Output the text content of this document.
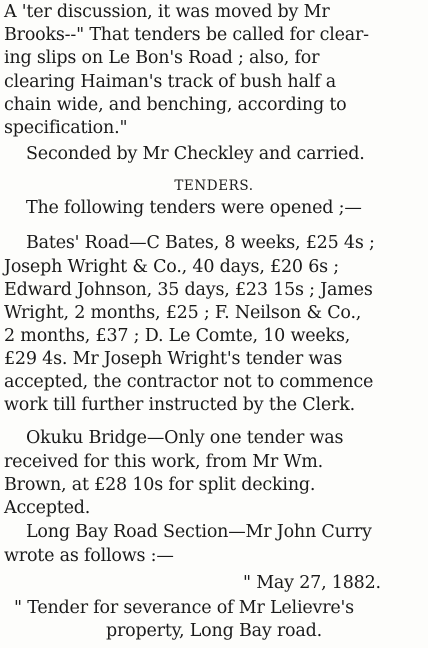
A 'ter discussion, it was moved by Mr
Brooks--" That tenders be called for clear-
ing slips on Le Bon's Road ; also, for
clearing Haiman's track of bush half a
chain wide, and benching, according to
specification."
Seconded by Mr Checkley and carried.
TENDERS.
The following tenders were opened ;—
Bates' Road—C Bates, 8 weeks, £25 4s ;
Joseph Wright & Co., 40 days, £20 6s ;
Edward Johnson, 35 days, £23 15s ; James
Wright, 2 months, £25 ; F. Neilson & Co.,
2 months, £37 ; D. Le Comte, 10 weeks,
£29 4s. Mr Joseph Wright's tender was
accepted, the contractor not to commence
work till further instructed by the Clerk.
Okuku Bridge—Only one tender was
received for this work, from Mr Wm.
Brown, at £28 10s for split decking.
Accepted.
Long Bay Road Section—Mr John Curry
wrote as follows :—
" May 27, 1882.
" Tender for severance of Mr Lelievre's
property, Long Bay road.
